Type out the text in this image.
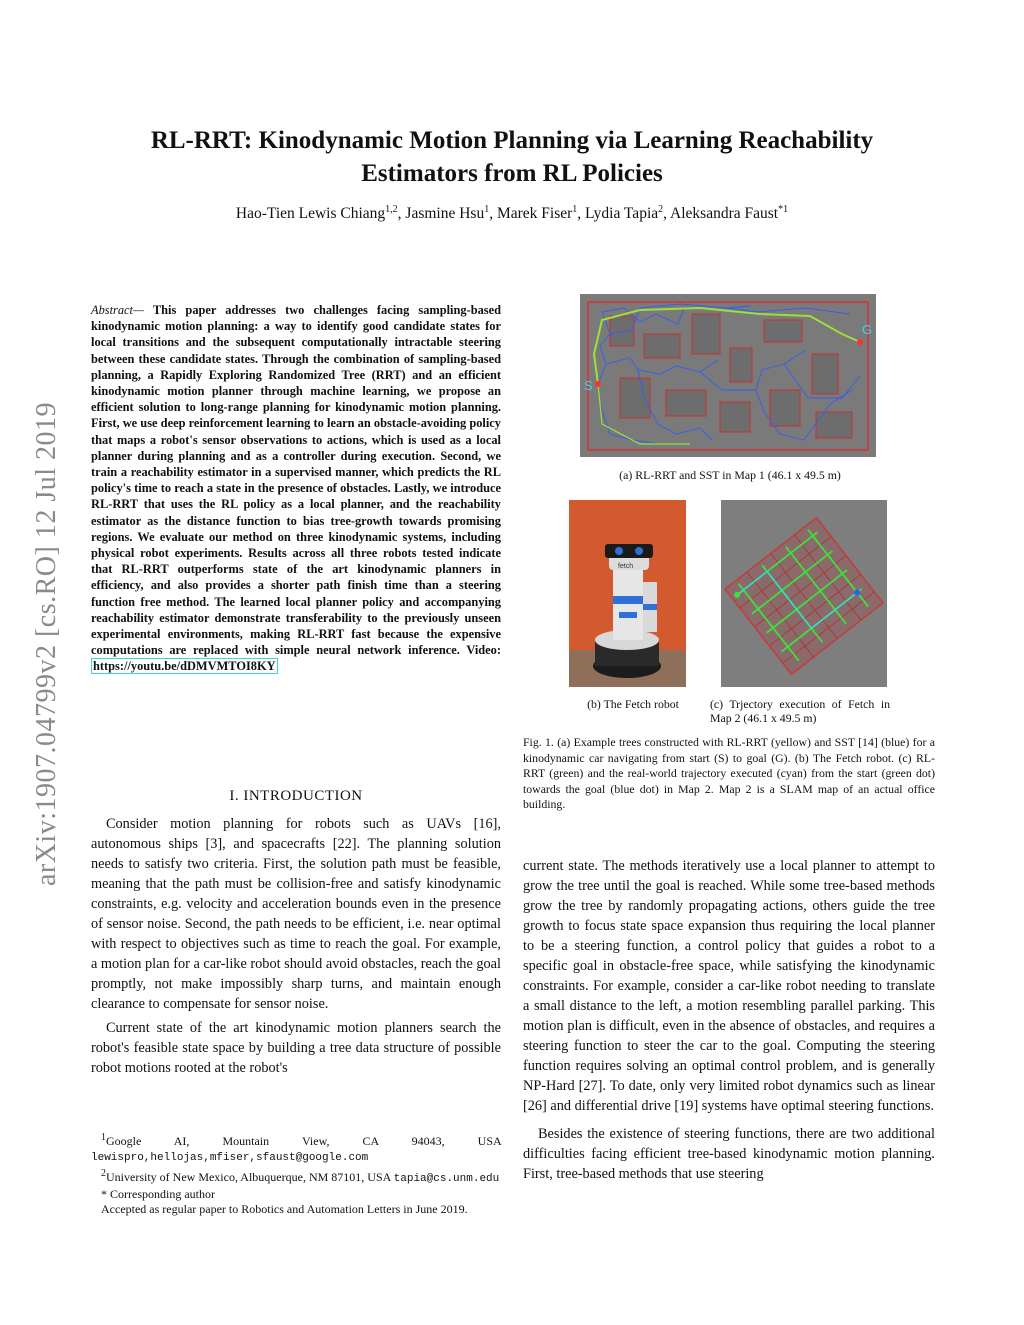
arXiv:1907.04799v2 [cs.RO] 12 Jul 2019
RL-RRT: Kinodynamic Motion Planning via Learning Reachability Estimators from RL Policies
Hao-Tien Lewis Chiang$^{1,2}$, Jasmine Hsu$^1$, Marek Fiser$^1$, Lydia Tapia$^2$, Aleksandra Faust$^{*1}$
Abstract— This paper addresses two challenges facing sampling-based kinodynamic motion planning: a way to identify good candidate states for local transitions and the subsequent computationally intractable steering between these candidate states. Through the combination of sampling-based planning, a Rapidly Exploring Randomized Tree (RRT) and an efficient kinodynamic motion planner through machine learning, we propose an efficient solution to long-range planning for kinodynamic motion planning. First, we use deep reinforcement learning to learn an obstacle-avoiding policy that maps a robot's sensor observations to actions, which is used as a local planner during planning and as a controller during execution. Second, we train a reachability estimator in a supervised manner, which predicts the RL policy's time to reach a state in the presence of obstacles. Lastly, we introduce RL-RRT that uses the RL policy as a local planner, and the reachability estimator as the distance function to bias tree-growth towards promising regions. We evaluate our method on three kinodynamic systems, including physical robot experiments. Results across all three robots tested indicate that RL-RRT outperforms state of the art kinodynamic planners in efficiency, and also provides a shorter path finish time than a steering function free method. The learned local planner policy and accompanying reachability estimator demonstrate transferability to the previously unseen experimental environments, making RL-RRT fast because the expensive computations are replaced with simple neural network inference. Video: https://youtu.be/dDMVMTOI8KY
I. INTRODUCTION

Consider motion planning for robots such as UAVs [16], autonomous ships [3], and spacecrafts [22]. The planning solution needs to satisfy two criteria. First, the solution path must be feasible, meaning that the path must be collision-free and satisfy kinodynamic constraints, e.g. velocity and acceleration bounds even in the presence of sensor noise. Second, the path needs to be efficient, i.e. near optimal with respect to objectives such as time to reach the goal. For example, a motion plan for a car-like robot should avoid obstacles, reach the goal promptly, not make impossibly sharp turns, and maintain enough clearance to compensate for sensor noise.

Current state of the art kinodynamic motion planners search the robot's feasible state space by building a tree data structure of possible robot motions rooted at the robot's

$^1$Google AI, Mountain View, CA 94043, USA lewispro,hellojas,mfiser,sfaust@google.com

$^2$University of New Mexico, Albuquerque, NM 87101, USA tapia@cs.unm.edu

* Corresponding author

Accepted as regular paper to Robotics and Automation Letters in June 2019.

S
G
(a) RL-RRT and SST in Map 1 (46.1 x 49.5 m)
fetch
(b) The Fetch robot	(c) Trjectory execution of Fetch in Map 2 (46.1 x 49.5 m)
Fig. 1. (a) Example trees constructed with RL-RRT (yellow) and SST [14] (blue) for a kinodynamic car navigating from start (S) to goal (G). (b) The Fetch robot. (c) RL-RRT (green) and the real-world trajectory executed (cyan) from the start (green dot) towards the goal (blue dot) in Map 2. Map 2 is a SLAM map of an actual office building.

current state. The methods iteratively use a local planner to attempt to grow the tree until the goal is reached. While some tree-based methods grow the tree by randomly propagating actions, others guide the tree growth to focus state space expansion thus requiring the local planner to be a steering function, a control policy that guides a robot to a specific goal in obstacle-free space, while satisfying the kinodynamic constraints. For example, consider a car-like robot needing to translate a small distance to the left, a motion resembling parallel parking. This motion plan is difficult, even in the absence of obstacles, and requires a steering function to steer the car to the goal. Computing the steering function requires solving an optimal control problem, and is generally NP-Hard [27]. To date, only very limited robot dynamics such as linear [26] and differential drive [19] systems have optimal steering functions.

Besides the existence of steering functions, there are two additional difficulties facing efficient tree-based kinodynamic motion planning. First, tree-based methods that use steering
